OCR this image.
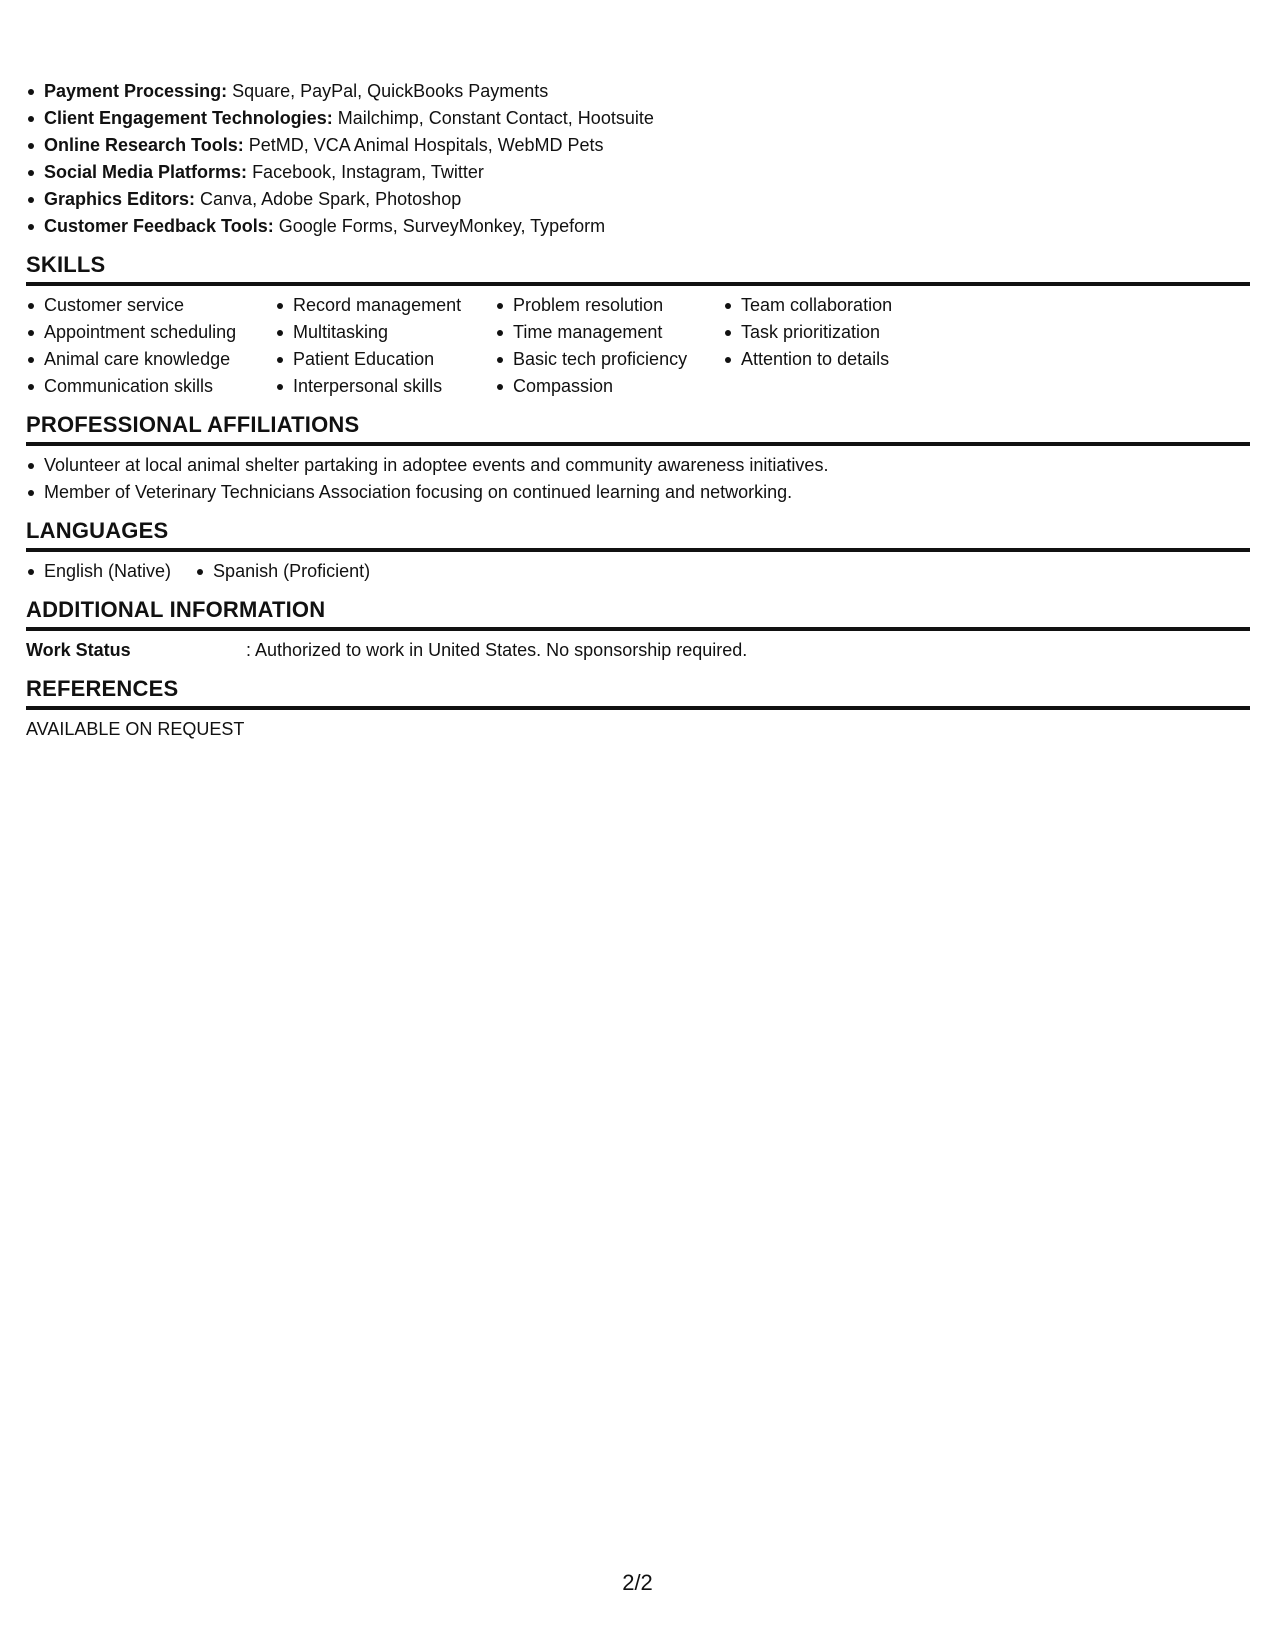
Payment Processing: Square, PayPal, QuickBooks Payments
Client Engagement Technologies: Mailchimp, Constant Contact, Hootsuite
Online Research Tools: PetMD, VCA Animal Hospitals, WebMD Pets
Social Media Platforms: Facebook, Instagram, Twitter
Graphics Editors: Canva, Adobe Spark, Photoshop
Customer Feedback Tools: Google Forms, SurveyMonkey, Typeform
SKILLS
Customer service
Appointment scheduling
Animal care knowledge
Communication skills
Record management
Multitasking
Patient Education
Interpersonal skills
Problem resolution
Time management
Basic tech proficiency
Compassion
Team collaboration
Task prioritization
Attention to details
PROFESSIONAL AFFILIATIONS
Volunteer at local animal shelter partaking in adoptee events and community awareness initiatives.
Member of Veterinary Technicians Association focusing on continued learning and networking.
LANGUAGES
English (Native)	Spanish (Proficient)
ADDITIONAL INFORMATION
Work Status	: Authorized to work in United States. No sponsorship required.
REFERENCES
AVAILABLE ON REQUEST
2/2
